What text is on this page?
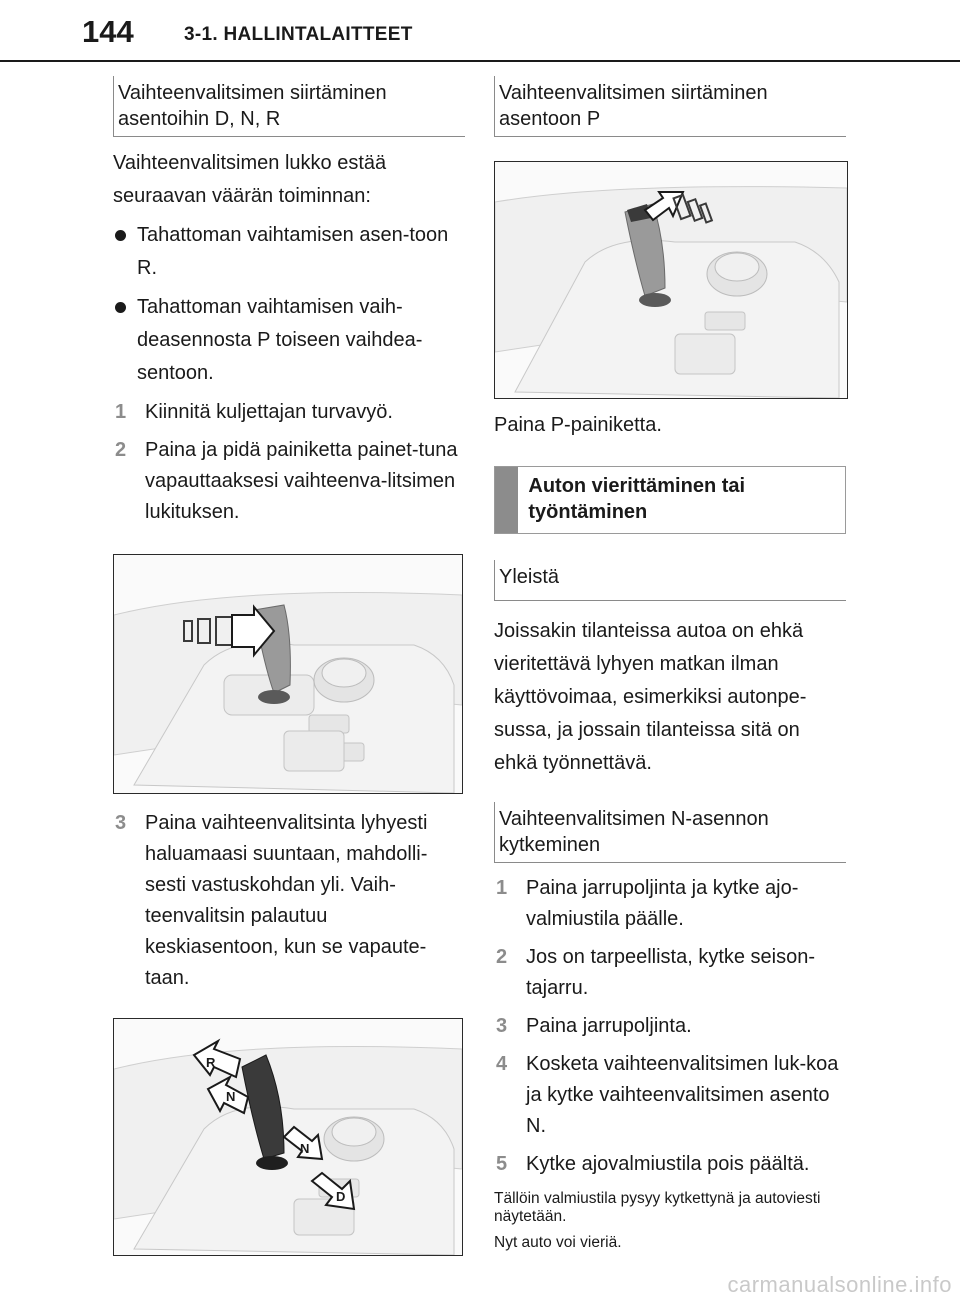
144	3-1. HALLINTALAITTEET
Vaihteenvalitsimen siirtäminen asentoihin D, N, R

Vaihteenvalitsimen lukko estää seuraavan väärän toiminnan:

Tahattoman vaihtamisen asen-toon R.
Tahattoman vaihtamisen vaih-deasennosta P toiseen vaihdea-sentoon.
1 Kiinnitä kuljettajan turvavyö.
2 Paina ja pidä painiketta painet-tuna vapauttaaksesi vaihteenva-litsimen lukituksen.
3 Paina vaihteenvalitsinta lyhyesti haluamaasi suuntaan, mahdolli-sesti vastuskohdan yli. Vaih-teenvalitsin palautuu keskiasentoon, kun se vapaute-taan.
R
N
N
D
Vaihteenvalitsimen siirtäminen asentoon P

Paina P-painiketta.

Auton vierittäminen tai työntäminen
Yleistä

Joissakin tilanteissa autoa on ehkä vieritettävä lyhyen matkan ilman käyttövoimaa, esimerkiksi autonpe-sussa, ja jossain tilanteissa sitä on ehkä työnnettävä.

Vaihteenvalitsimen N-asennon kytkeminen
1 Paina jarrupoljinta ja kytke ajo-valmiustila päälle.
2 Jos on tarpeellista, kytke seison-tajarru.
3 Paina jarrupoljinta.
4 Kosketa vaihteenvalitsimen luk-koa ja kytke vaihteenvalitsimen asento N.
5 Kytke ajovalmiustila pois päältä.
Tällöin valmiustila pysyy kytkettynä ja autoviesti näytetään.
Nyt auto voi vieriä.
carmanualsonline.info
